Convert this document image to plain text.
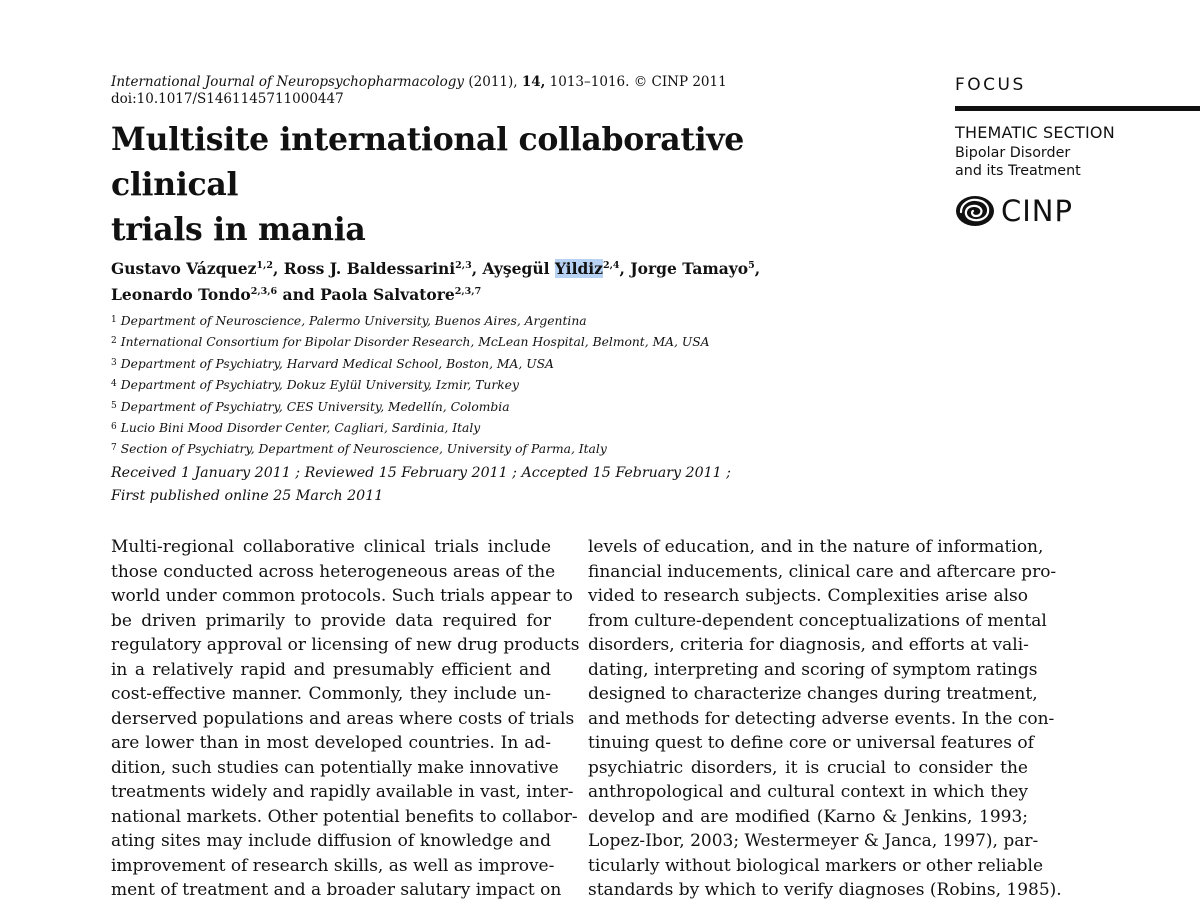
International Journal of Neuropsychopharmacology (2011), 14, 1013–1016. © CINP 2011
doi:10.1017/S1461145711000447
Multisite international collaborative clinical
trials in mania
Gustavo Vázquez$^{1,2}$, Ross J. Baldessarini$^{2,3}$, Ayşegül Yildiz$^{2,4}$, Jorge Tamayo$^5$,
Leonardo Tondo$^{2,3,6}$ and Paola Salvatore$^{2,3,7}$
$^1$ Department of Neuroscience, Palermo University, Buenos Aires, Argentina
$^2$ International Consortium for Bipolar Disorder Research, McLean Hospital, Belmont, MA, USA
$^3$ Department of Psychiatry, Harvard Medical School, Boston, MA, USA
$^4$ Department of Psychiatry, Dokuz Eylül University, Izmir, Turkey
$^5$ Department of Psychiatry, CES University, Medellín, Colombia
$^6$ Lucio Bini Mood Disorder Center, Cagliari, Sardinia, Italy
$^7$ Section of Psychiatry, Department of Neuroscience, University of Parma, Italy
Received 1 January 2011 ; Reviewed 15 February 2011 ; Accepted 15 February 2011 ;
First published online 25 March 2011
Multi-regional collaborative clinical trials include
those conducted across heterogeneous areas of the
world under common protocols. Such trials appear to
be driven primarily to provide data required for
regulatory approval or licensing of new drug products
in a relatively rapid and presumably efficient and
cost-effective manner. Commonly, they include un-
derserved populations and areas where costs of trials
are lower than in most developed countries. In ad-
dition, such studies can potentially make innovative
treatments widely and rapidly available in vast, inter-
national markets. Other potential benefits to collabor-
ating sites may include diffusion of knowledge and
improvement of research skills, as well as improve-
ment of treatment and a broader salutary impact on
levels of education, and in the nature of information,
financial inducements, clinical care and aftercare pro-
vided to research subjects. Complexities arise also
from culture-dependent conceptualizations of mental
disorders, criteria for diagnosis, and efforts at vali-
dating, interpreting and scoring of symptom ratings
designed to characterize changes during treatment,
and methods for detecting adverse events. In the con-
tinuing quest to define core or universal features of
psychiatric disorders, it is crucial to consider the
anthropological and cultural context in which they
develop and are modified (Karno & Jenkins, 1993;
Lopez-Ibor, 2003; Westermeyer & Janca, 1997), par-
ticularly without biological markers or other reliable
standards by which to verify diagnoses (Robins, 1985).
FOCUS
THEMATIC SECTION
Bipolar Disorder
and its Treatment
CINP
